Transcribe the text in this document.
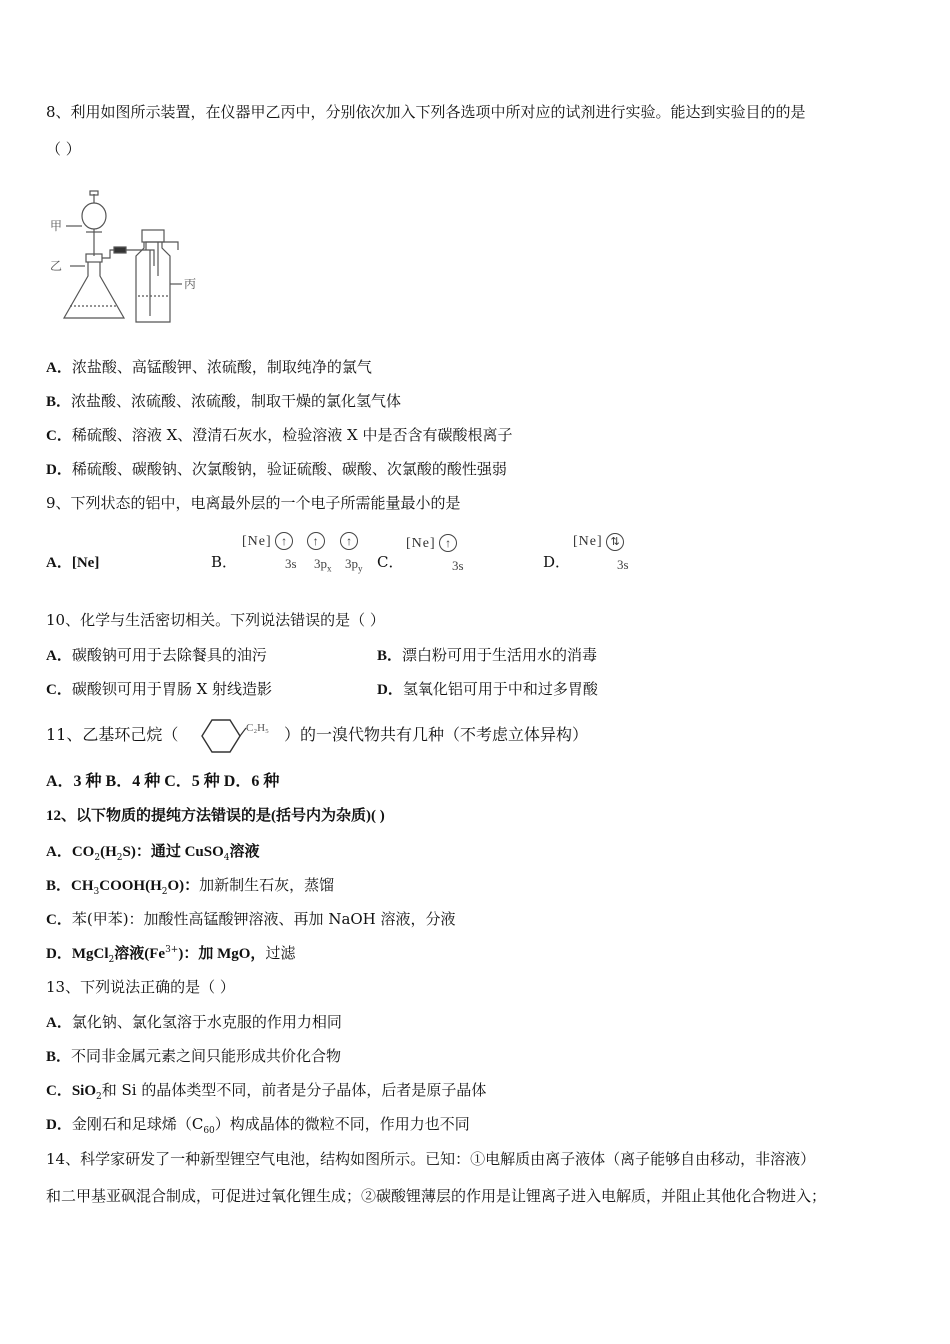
8、利用如图所示装置，在仪器甲乙丙中，分别依次加入下列各选项中所对应的试剂进行实验。能达到实验目的的是
（ ）
甲
乙
丙
A．浓盐酸、高锰酸钾、浓硫酸，制取纯净的氯气
B．浓盐酸、浓硫酸、浓硫酸，制取干燥的氯化氢气体
C．稀硫酸、溶液 X、澄清石灰水，检验溶液 X 中是否含有碳酸根离子
D．稀硫酸、碳酸钠、次氯酸钠，验证硫酸、碳酸、次氯酸的酸性强弱
9、下列状态的铝中，电离最外层的一个电子所需能量最小的是
A．[Ne]	B．
[Ne] ↑ ↑ ↑
3s $3p_x$ $3p_y$ C．
[Ne] ↑
3s	D．
[Ne] ⇅
3s
10、化学与生活密切相关。下列说法错误的是（ ）
A．碳酸钠可用于去除餐具的油污	B．漂白粉可用于生活用水的消毒
C．碳酸钡可用于胃肠 X 射线造影	D．氢氧化铝可用于中和过多胃酸
11、乙基环己烷（	C₂H₅ ）的一溴代物共有几种（不考虑立体异构）
A．3 种 B．4 种 C．5 种 D．6 种
12、以下物质的提纯方法错误的是(括号内为杂质)( )
A．$CO_2(H_2S)$：通过 CuSO$_4$溶液
B．$CH_3COOH(H_2O)$：加新制生石灰，蒸馏
C．苯(甲苯)：加酸性高锰酸钾溶液、再加 NaOH 溶液，分液
D．MgCl$_2$溶液$(Fe^{3+})$：加 MgO，过滤
13、下列说法正确的是（ ）
A．氯化钠、氯化氢溶于水克服的作用力相同
B．不同非金属元素之间只能形成共价化合物
C．SiO$_2$和 Si 的晶体类型不同，前者是分子晶体，后者是原子晶体
D．金刚石和足球烯$(C_{60})$构成晶体的微粒不同，作用力也不同
14、科学家研发了一种新型锂空气电池，结构如图所示。已知：①电解质由离子液体（离子能够自由移动，非溶液）
和二甲基亚砜混合制成，可促进过氧化锂生成；②碳酸锂薄层的作用是让锂离子进入电解质，并阻止其他化合物进入；
